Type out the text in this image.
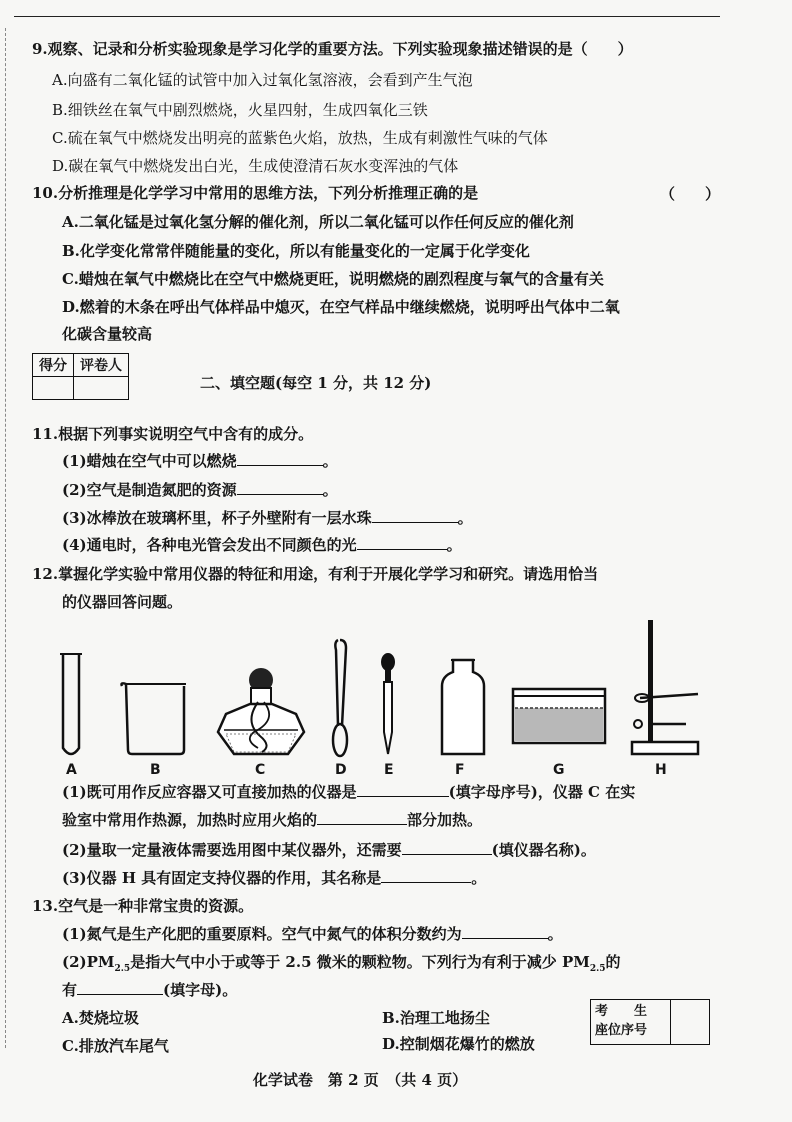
9.观察、记录和分析实验现象是学习化学的重要方法。下列实验现象描述错误的是（　　）
A.向盛有二氧化锰的试管中加入过氧化氢溶液，会看到产生气泡
B.细铁丝在氧气中剧烈燃烧，火星四射，生成四氧化三铁
C.硫在氧气中燃烧发出明亮的蓝紫色火焰，放热，生成有刺激性气味的气体
D.碳在氧气中燃烧发出白光，生成使澄清石灰水变浑浊的气体
10.分析推理是化学学习中常用的思维方法，下列分析推理正确的是	（　　）
A.二氧化锰是过氧化氢分解的催化剂，所以二氧化锰可以作任何反应的催化剂
B.化学变化常常伴随能量的变化，所以有能量变化的一定属于化学变化
C.蜡烛在氧气中燃烧比在空气中燃烧更旺，说明燃烧的剧烈程度与氧气的含量有关
D.燃着的木条在呼出气体样品中熄灭，在空气样品中继续燃烧，说明呼出气体中二氧
化碳含量较高
得分	评卷人

二、填空题(每空 1 分，共 12 分)
11.根据下列事实说明空气中含有的成分。
(1)蜡烛在空气中可以燃烧	。
(2)空气是制造氮肥的资源	。
(3)冰棒放在玻璃杯里，杯子外壁附有一层水珠	。
(4)通电时，各种电光管会发出不同颜色的光	。
12.掌握化学实验中常用仪器的特征和用途，有利于开展化学学习和研究。请选用恰当
的仪器回答问题。
A	B	C	D	E	F	G	H
(1)既可用作反应容器又可直接加热的仪器是	(填字母序号)，仪器 C 在实
验室中常用作热源，加热时应用火焰的	部分加热。
(2)量取一定量液体需要选用图中某仪器外，还需要	(填仪器名称)。
(3)仪器 H 具有固定支持仪器的作用，其名称是	。
13.空气是一种非常宝贵的资源。
(1)氮气是生产化肥的重要原料。空气中氮气的体积分数约为	。
$(2)PM_{2.5}$是指大气中小于或等于 2.5 微米的颗粒物。下列行为有利于减少 $PM_{2.5}$的
有	(填字母)。
A.焚烧垃圾	B.治理工地扬尘
C.排放汽车尾气	D.控制烟花爆竹的燃放
考　　生
座位序号
化学试卷　第 2 页　（共 4 页）
